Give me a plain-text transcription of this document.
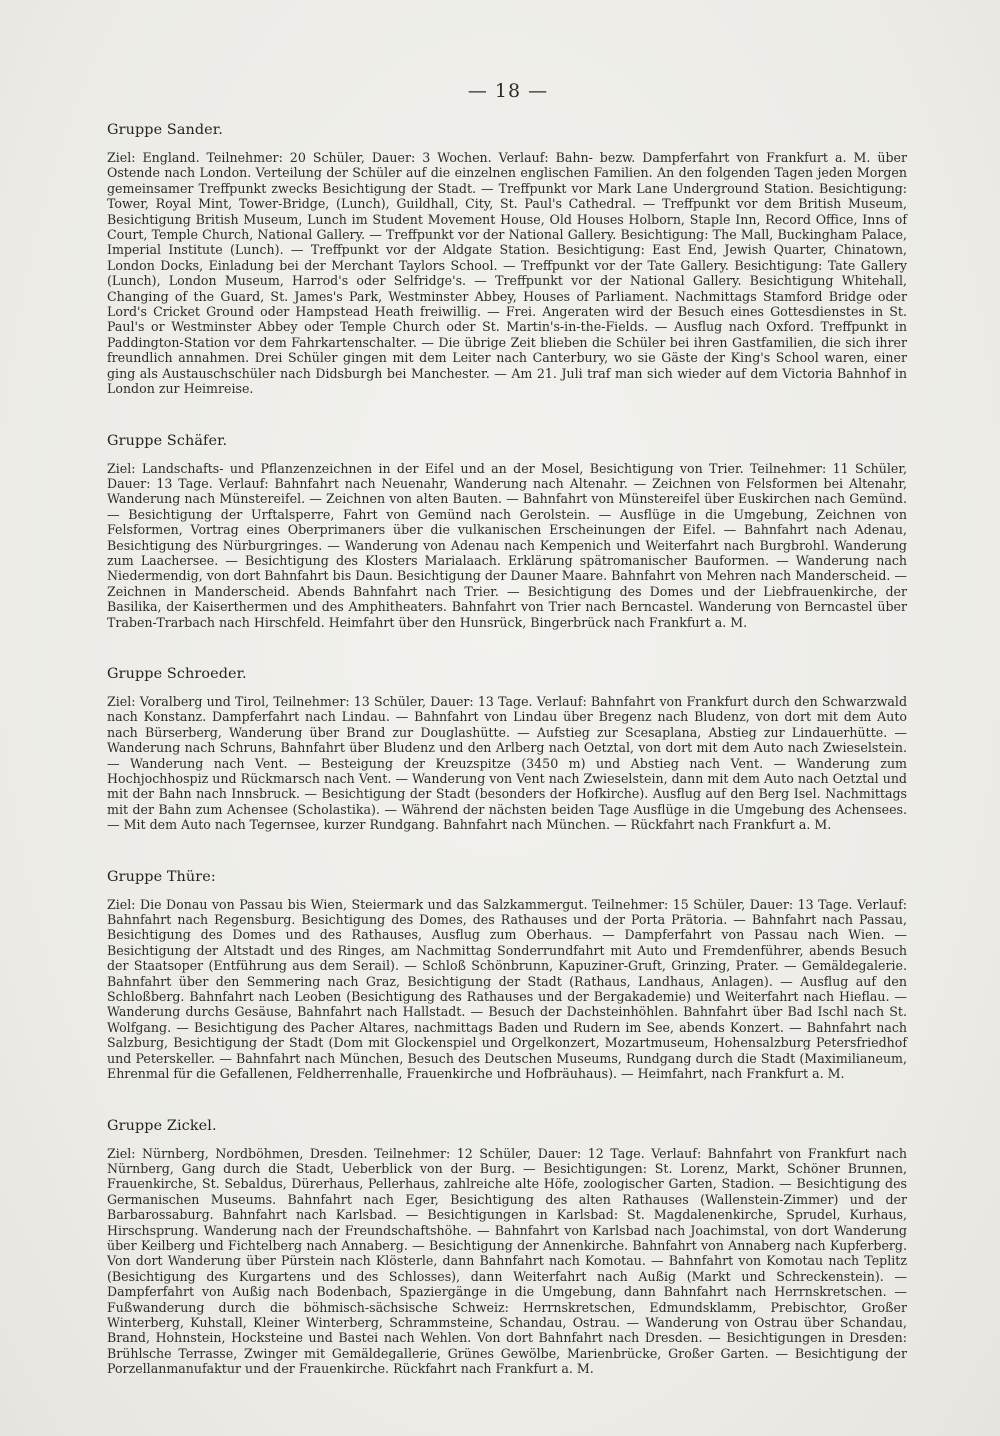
— 18 —
Gruppe Sander.

Ziel: England. Teilnehmer: 20 Schüler, Dauer: 3 Wochen. Verlauf: Bahn- bezw. Dampferfahrt von Frankfurt a. M. über Ostende nach London. Verteilung der Schüler auf die einzelnen englischen Familien. An den folgenden Tagen jeden Morgen gemeinsamer Treffpunkt zwecks Besichtigung der Stadt. — Treffpunkt vor Mark Lane Underground Station. Besichtigung: Tower, Royal Mint, Tower-Bridge, (Lunch), Guildhall, City, St. Paul's Cathedral. — Treffpunkt vor dem British Museum, Besichtigung British Museum, Lunch im Student Movement House, Old Houses Holborn, Staple Inn, Record Office, Inns of Court, Temple Church, National Gallery. — Treffpunkt vor der National Gallery. Besichtigung: The Mall, Buckingham Palace, Imperial Institute (Lunch). — Treffpunkt vor der Aldgate Station. Besichtigung: East End, Jewish Quarter, Chinatown, London Docks, Einladung bei der Merchant Taylors School. — Treffpunkt vor der Tate Gallery. Besichtigung: Tate Gallery (Lunch), London Museum, Harrod's oder Selfridge's. — Treffpunkt vor der National Gallery. Besichtigung Whitehall, Changing of the Guard, St. James's Park, Westminster Abbey, Houses of Parliament. Nachmittags Stamford Bridge oder Lord's Cricket Ground oder Hampstead Heath freiwillig. — Frei. Angeraten wird der Besuch eines Gottesdienstes in St. Paul's or Westminster Abbey oder Temple Church oder St. Martin's-in-the-Fields. — Ausflug nach Oxford. Treffpunkt in Paddington-Station vor dem Fahrkartenschalter. — Die übrige Zeit blieben die Schüler bei ihren Gastfamilien, die sich ihrer freundlich annahmen. Drei Schüler gingen mit dem Leiter nach Canterbury, wo sie Gäste der King's School waren, einer ging als Austauschschüler nach Didsburgh bei Manchester. — Am 21. Juli traf man sich wieder auf dem Victoria Bahnhof in London zur Heimreise.

Gruppe Schäfer.

Ziel: Landschafts- und Pflanzenzeichnen in der Eifel und an der Mosel, Besichtigung von Trier. Teilnehmer: 11 Schüler, Dauer: 13 Tage. Verlauf: Bahnfahrt nach Neuenahr, Wanderung nach Altenahr. — Zeichnen von Felsformen bei Altenahr, Wanderung nach Münstereifel. — Zeichnen von alten Bauten. — Bahnfahrt von Münstereifel über Euskirchen nach Gemünd. — Besichtigung der Urftalsperre, Fahrt von Gemünd nach Gerolstein. — Ausflüge in die Umgebung, Zeichnen von Felsformen, Vortrag eines Oberprimaners über die vulkanischen Erscheinungen der Eifel. — Bahnfahrt nach Adenau, Besichtigung des Nürburgringes. — Wanderung von Adenau nach Kempenich und Weiterfahrt nach Burgbrohl. Wanderung zum Laachersee. — Besichtigung des Klosters Marialaach. Erklärung spätromanischer Bauformen. — Wanderung nach Niedermendig, von dort Bahnfahrt bis Daun. Besichtigung der Dauner Maare. Bahnfahrt von Mehren nach Manderscheid. — Zeichnen in Manderscheid. Abends Bahnfahrt nach Trier. — Besichtigung des Domes und der Liebfrauenkirche, der Basilika, der Kaiserthermen und des Amphitheaters. Bahnfahrt von Trier nach Berncastel. Wanderung von Berncastel über Traben-Trarbach nach Hirschfeld. Heimfahrt über den Hunsrück, Bingerbrück nach Frankfurt a. M.

Gruppe Schroeder.

Ziel: Voralberg und Tirol, Teilnehmer: 13 Schüler, Dauer: 13 Tage. Verlauf: Bahnfahrt von Frankfurt durch den Schwarzwald nach Konstanz. Dampferfahrt nach Lindau. — Bahnfahrt von Lindau über Bregenz nach Bludenz, von dort mit dem Auto nach Bürserberg, Wanderung über Brand zur Douglashütte. — Aufstieg zur Scesaplana, Abstieg zur Lindauerhütte. — Wanderung nach Schruns, Bahnfahrt über Bludenz und den Arlberg nach Oetztal, von dort mit dem Auto nach Zwieselstein. — Wanderung nach Vent. — Besteigung der Kreuzspitze (3450 m) und Abstieg nach Vent. — Wanderung zum Hochjochhospiz und Rückmarsch nach Vent. — Wanderung von Vent nach Zwieselstein, dann mit dem Auto nach Oetztal und mit der Bahn nach Innsbruck. — Besichtigung der Stadt (besonders der Hofkirche). Ausflug auf den Berg Isel. Nachmittags mit der Bahn zum Achensee (Scholastika). — Während der nächsten beiden Tage Ausflüge in die Umgebung des Achensees. — Mit dem Auto nach Tegernsee, kurzer Rundgang. Bahnfahrt nach München. — Rückfahrt nach Frankfurt a. M.

Gruppe Thüre:

Ziel: Die Donau von Passau bis Wien, Steiermark und das Salzkammergut. Teilnehmer: 15 Schüler, Dauer: 13 Tage. Verlauf: Bahnfahrt nach Regensburg. Besichtigung des Domes, des Rathauses und der Porta Prätoria. — Bahnfahrt nach Passau, Besichtigung des Domes und des Rathauses, Ausflug zum Oberhaus. — Dampferfahrt von Passau nach Wien. — Besichtigung der Altstadt und des Ringes, am Nachmittag Sonderrundfahrt mit Auto und Fremdenführer, abends Besuch der Staatsoper (Entführung aus dem Serail). — Schloß Schönbrunn, Kapuziner-Gruft, Grinzing, Prater. — Gemäldegalerie. Bahnfahrt über den Semmering nach Graz, Besichtigung der Stadt (Rathaus, Landhaus, Anlagen). — Ausflug auf den Schloßberg. Bahnfahrt nach Leoben (Besichtigung des Rathauses und der Bergakademie) und Weiterfahrt nach Hieflau. — Wanderung durchs Gesäuse, Bahnfahrt nach Hallstadt. — Besuch der Dachsteinhöhlen. Bahnfahrt über Bad Ischl nach St. Wolfgang. — Besichtigung des Pacher Altares, nachmittags Baden und Rudern im See, abends Konzert. — Bahnfahrt nach Salzburg, Besichtigung der Stadt (Dom mit Glockenspiel und Orgelkonzert, Mozartmuseum, Hohensalzburg Petersfriedhof und Peterskeller. — Bahnfahrt nach München, Besuch des Deutschen Museums, Rundgang durch die Stadt (Maximilianeum, Ehrenmal für die Gefallenen, Feldherrenhalle, Frauenkirche und Hofbräuhaus). — Heimfahrt, nach Frankfurt a. M.

Gruppe Zickel.

Ziel: Nürnberg, Nordböhmen, Dresden. Teilnehmer: 12 Schüler, Dauer: 12 Tage. Verlauf: Bahnfahrt von Frankfurt nach Nürnberg, Gang durch die Stadt, Ueberblick von der Burg. — Besichtigungen: St. Lorenz, Markt, Schöner Brunnen, Frauenkirche, St. Sebaldus, Dürerhaus, Pellerhaus, zahlreiche alte Höfe, zoologischer Garten, Stadion. — Besichtigung des Germanischen Museums. Bahnfahrt nach Eger, Besichtigung des alten Rathauses (Wallenstein-Zimmer) und der Barbarossaburg. Bahnfahrt nach Karlsbad. — Besichtigungen in Karlsbad: St. Magdalenenkirche, Sprudel, Kurhaus, Hirschsprung. Wanderung nach der Freundschaftshöhe. — Bahnfahrt von Karlsbad nach Joachimstal, von dort Wanderung über Keilberg und Fichtelberg nach Annaberg. — Besichtigung der Annenkirche. Bahnfahrt von Annaberg nach Kupferberg. Von dort Wanderung über Pürstein nach Klösterle, dann Bahnfahrt nach Komotau. — Bahnfahrt von Komotau nach Teplitz (Besichtigung des Kurgartens und des Schlosses), dann Weiterfahrt nach Außig (Markt und Schreckenstein). — Dampferfahrt von Außig nach Bodenbach, Spaziergänge in die Umgebung, dann Bahnfahrt nach Herrnskretschen. — Fußwanderung durch die böhmisch-sächsische Schweiz: Herrnskretschen, Edmundsklamm, Prebischtor, Großer Winterberg, Kuhstall, Kleiner Winterberg, Schrammsteine, Schandau, Ostrau. — Wanderung von Ostrau über Schandau, Brand, Hohnstein, Hocksteine und Bastei nach Wehlen. Von dort Bahnfahrt nach Dresden. — Besichtigungen in Dresden: Brühlsche Terrasse, Zwinger mit Gemäldegallerie, Grünes Gewölbe, Marienbrücke, Großer Garten. — Besichtigung der Porzellanmanufaktur und der Frauenkirche. Rückfahrt nach Frankfurt a. M.
